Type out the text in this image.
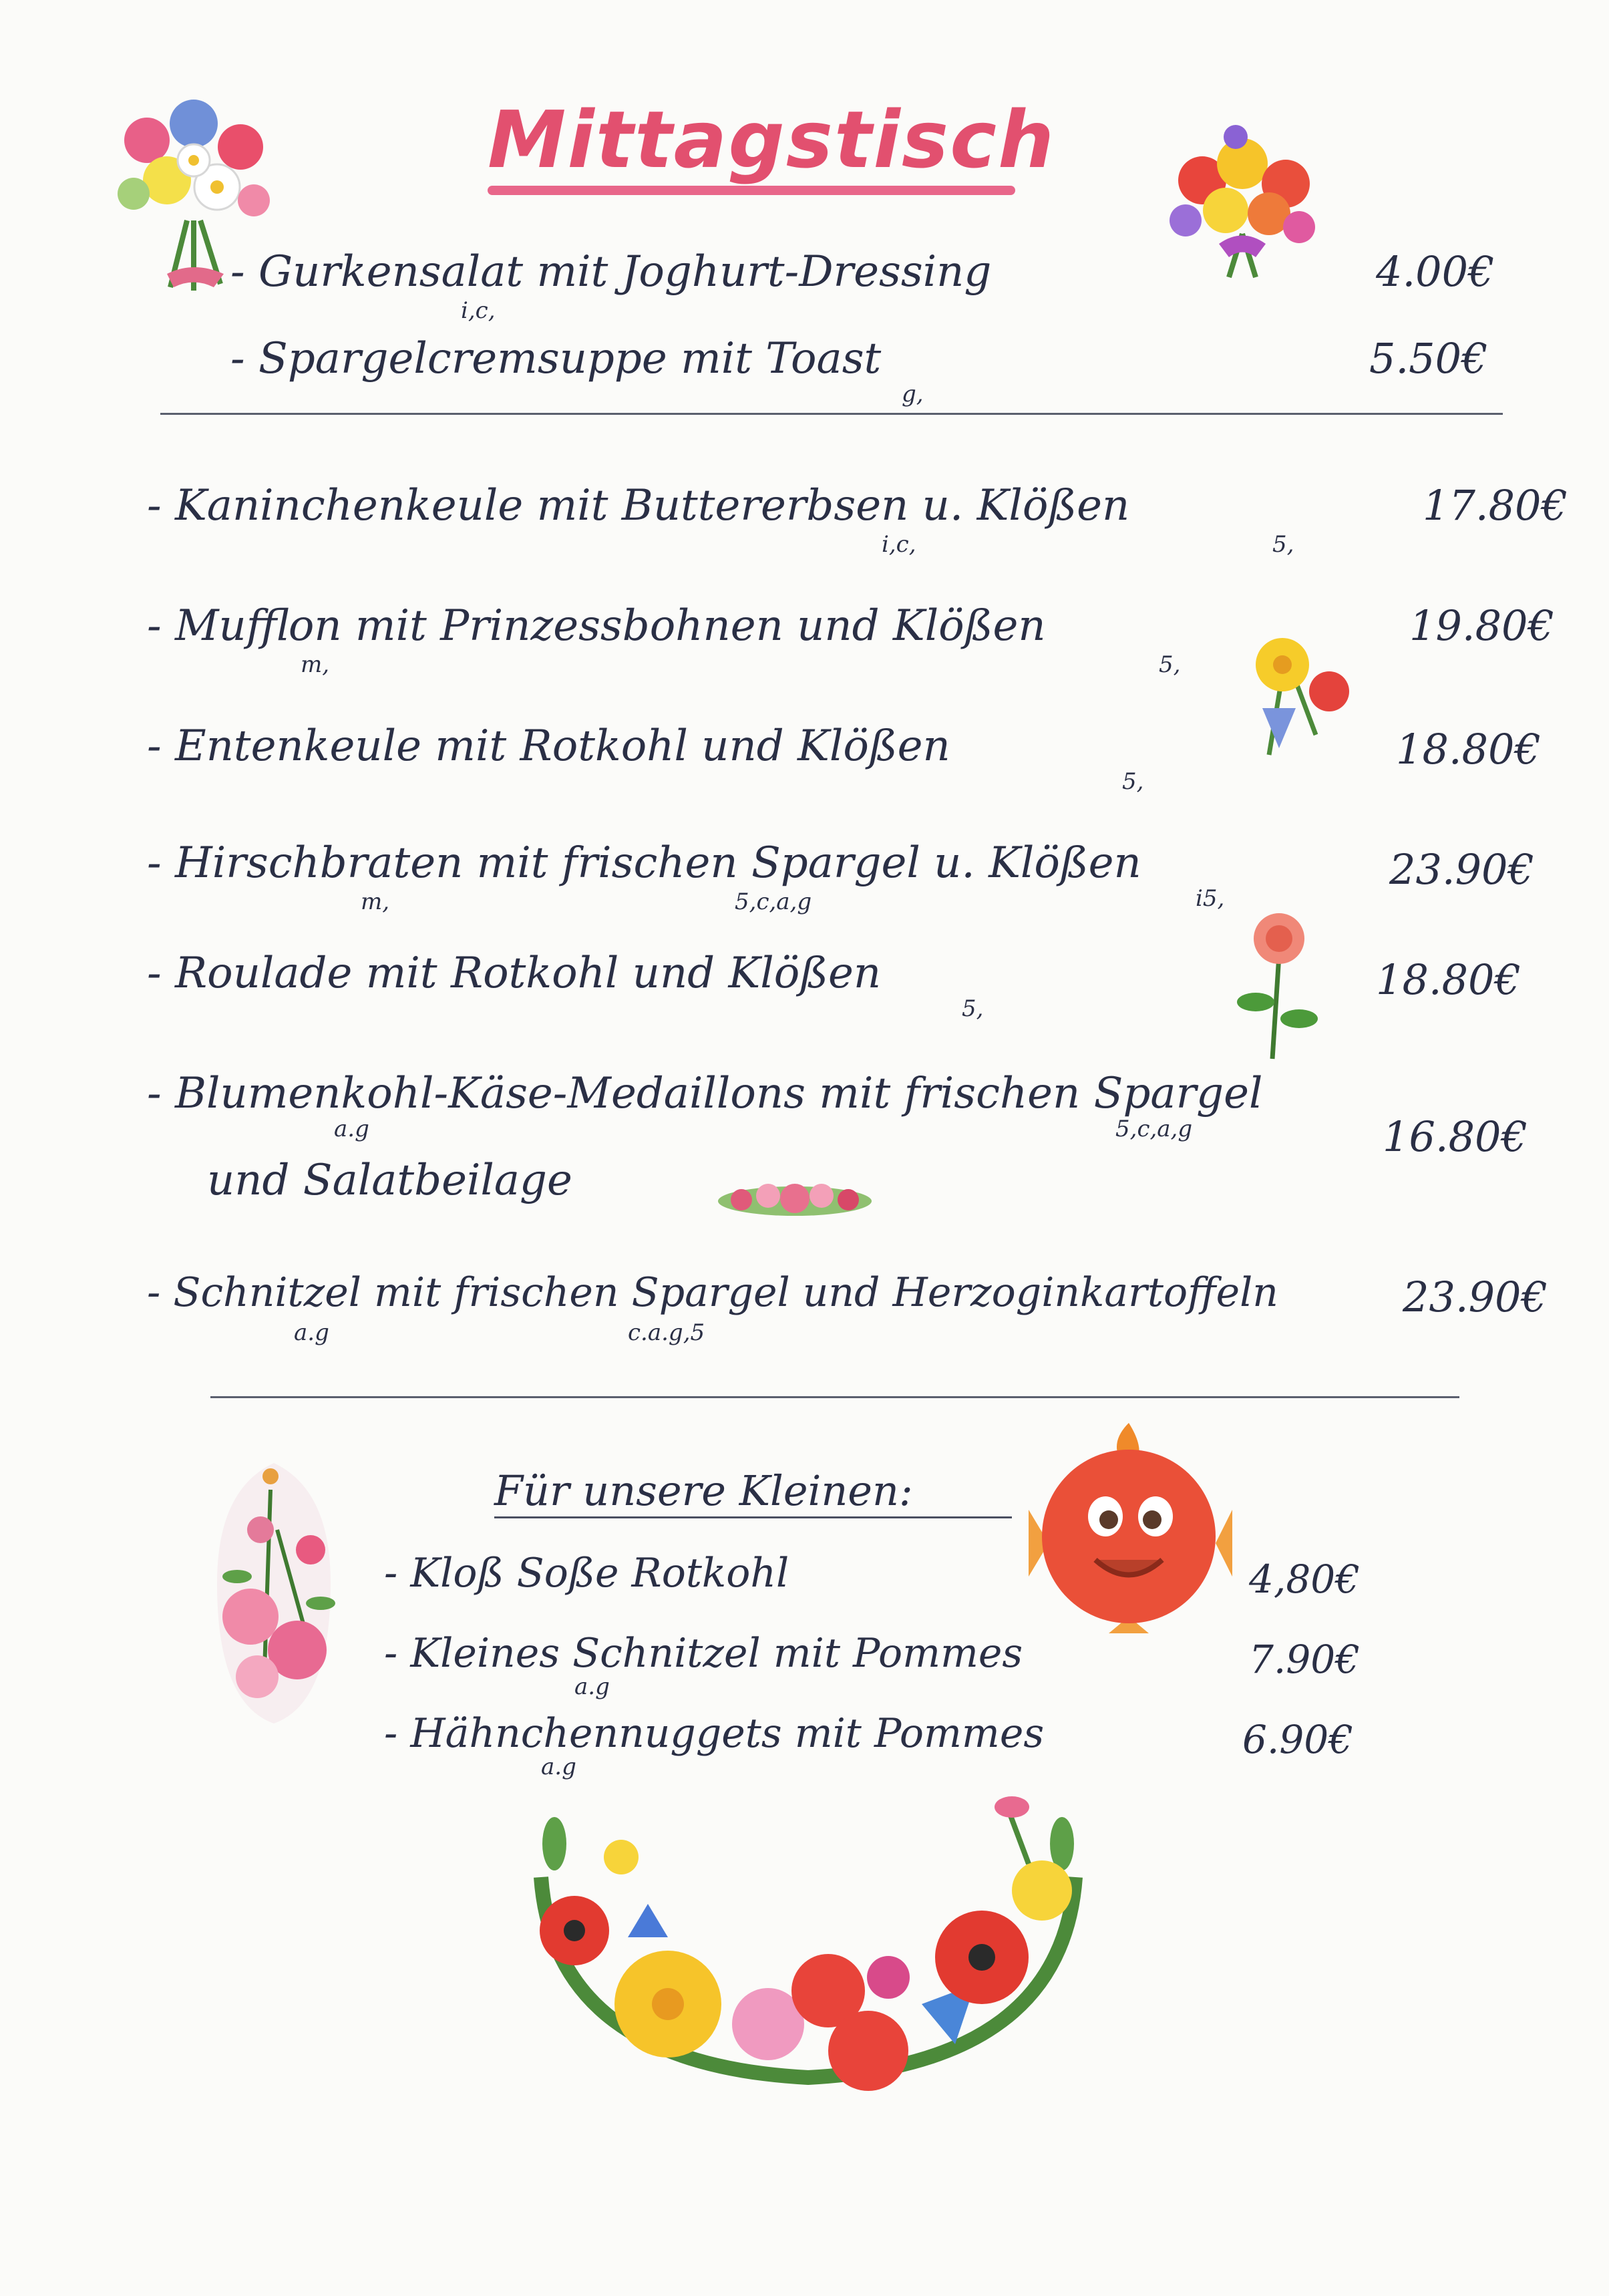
Mittagstisch
- Gurkensalat mit Joghurt-Dressing
i,c,
4.00€
- Spargelcremsuppe mit Toast
g,
5.50€
- Kaninchenkeule mit Buttererbsen u. Klößen
i,c,	5,
17.80€
- Mufflon mit Prinzessbohnen und Klößen
m,	5,
19.80€
- Entenkeule mit Rotkohl und Klößen
5,
18.80€
- Hirschbraten mit frischen Spargel u. Klößen
m,	5,c,a,g	i5,
23.90€
- Roulade mit Rotkohl und Klößen
5,
18.80€
- Blumenkohl-Käse-Medaillons mit frischen Spargel
a.g	5,c,a,g
und Salatbeilage
16.80€
- Schnitzel mit frischen Spargel und Herzoginkartoffeln
a.g	c.a.g,5
23.90€
Für unsere Kleinen:
- Kloß Soße Rotkohl	4,80€
- Kleines Schnitzel mit Pommes
a.g
7.90€
- Hähnchennuggets mit Pommes
a.g
6.90€
